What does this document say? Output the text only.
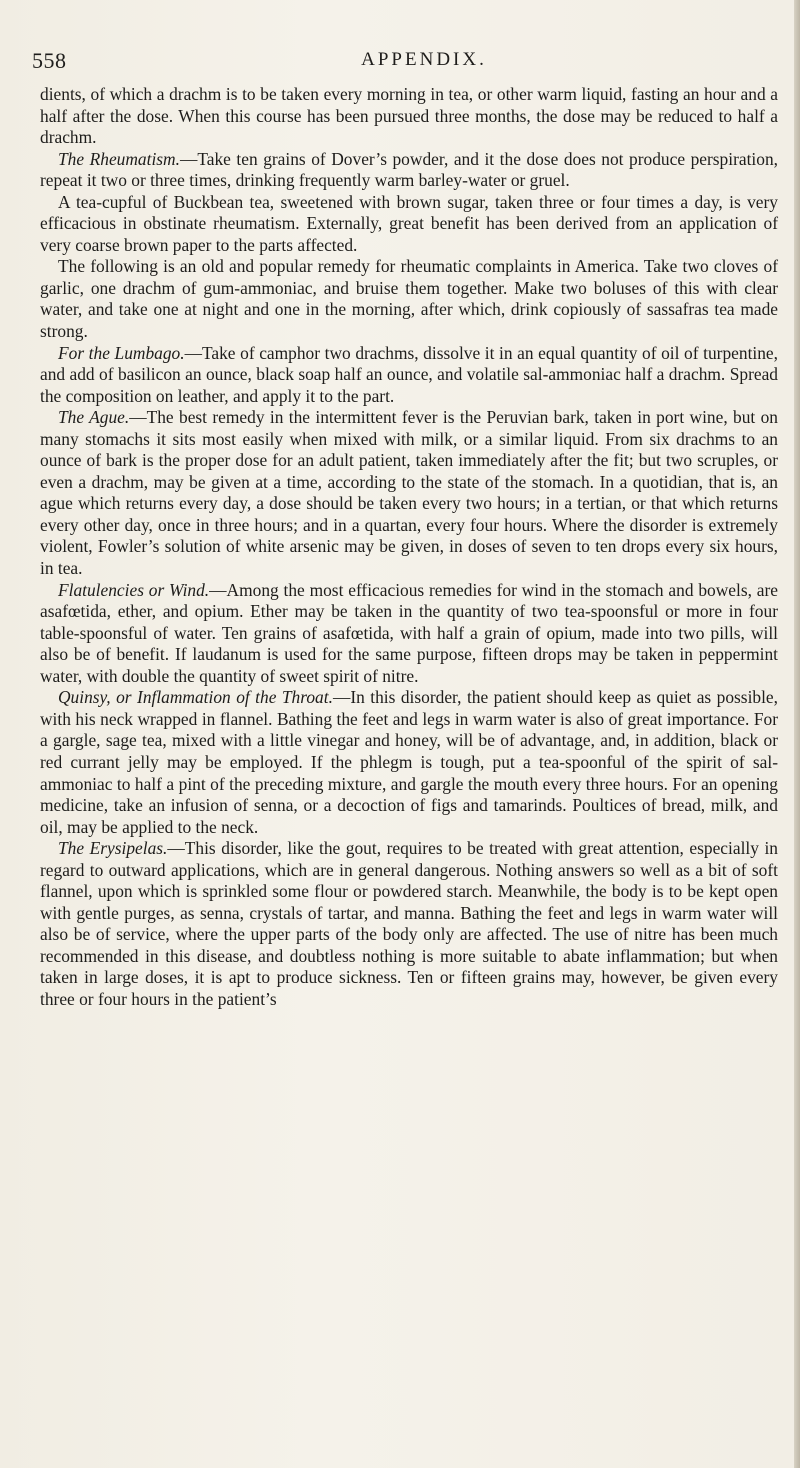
558	APPENDIX.

dients, of which a drachm is to be taken every morning in tea, or other warm liquid, fasting an hour and a half after the dose. When this course has been pursued three months, the dose may be reduced to half a drachm.

The Rheumatism.—Take ten grains of Dover’s powder, and it the dose does not produce perspiration, repeat it two or three times, drinking frequently warm barley-water or gruel.

A tea-cupful of Buckbean tea, sweetened with brown sugar, taken three or four times a day, is very efficacious in obstinate rheumatism. Externally, great benefit has been derived from an application of very coarse brown paper to the parts affected.

The following is an old and popular remedy for rheumatic complaints in America. Take two cloves of garlic, one drachm of gum-ammoniac, and bruise them together. Make two boluses of this with clear water, and take one at night and one in the morning, after which, drink copiously of sassafras tea made strong.

For the Lumbago.—Take of camphor two drachms, dissolve it in an equal quantity of oil of turpentine, and add of basilicon an ounce, black soap half an ounce, and volatile sal-ammoniac half a drachm. Spread the composition on leather, and apply it to the part.

The Ague.—The best remedy in the intermittent fever is the Peruvian bark, taken in port wine, but on many stomachs it sits most easily when mixed with milk, or a similar liquid. From six drachms to an ounce of bark is the proper dose for an adult patient, taken immediately after the fit; but two scruples, or even a drachm, may be given at a time, according to the state of the stomach. In a quotidian, that is, an ague which returns every day, a dose should be taken every two hours; in a tertian, or that which returns every other day, once in three hours; and in a quartan, every four hours. Where the disorder is extremely violent, Fowler’s solution of white arsenic may be given, in doses of seven to ten drops every six hours, in tea.

Flatulencies or Wind.—Among the most efficacious remedies for wind in the stomach and bowels, are asafœtida, ether, and opium. Ether may be taken in the quantity of two tea-spoonsful or more in four table-spoonsful of water. Ten grains of asafœtida, with half a grain of opium, made into two pills, will also be of benefit. If laudanum is used for the same purpose, fifteen drops may be taken in peppermint water, with double the quantity of sweet spirit of nitre.

Quinsy, or Inflammation of the Throat.—In this disorder, the patient should keep as quiet as possible, with his neck wrapped in flannel. Bathing the feet and legs in warm water is also of great importance. For a gargle, sage tea, mixed with a little vinegar and honey, will be of advantage, and, in addition, black or red currant jelly may be employed. If the phlegm is tough, put a tea-spoonful of the spirit of sal-ammoniac to half a pint of the preceding mixture, and gargle the mouth every three hours. For an opening medicine, take an infusion of senna, or a decoction of figs and tamarinds. Poultices of bread, milk, and oil, may be applied to the neck.

The Erysipelas.—This disorder, like the gout, requires to be treated with great attention, especially in regard to outward applications, which are in general dangerous. Nothing answers so well as a bit of soft flannel, upon which is sprinkled some flour or powdered starch. Meanwhile, the body is to be kept open with gentle purges, as senna, crystals of tartar, and manna. Bathing the feet and legs in warm water will also be of service, where the upper parts of the body only are affected. The use of nitre has been much recommended in this disease, and doubtless nothing is more suitable to abate inflammation; but when taken in large doses, it is apt to produce sickness. Ten or fifteen grains may, however, be given every three or four hours in the patient’s
